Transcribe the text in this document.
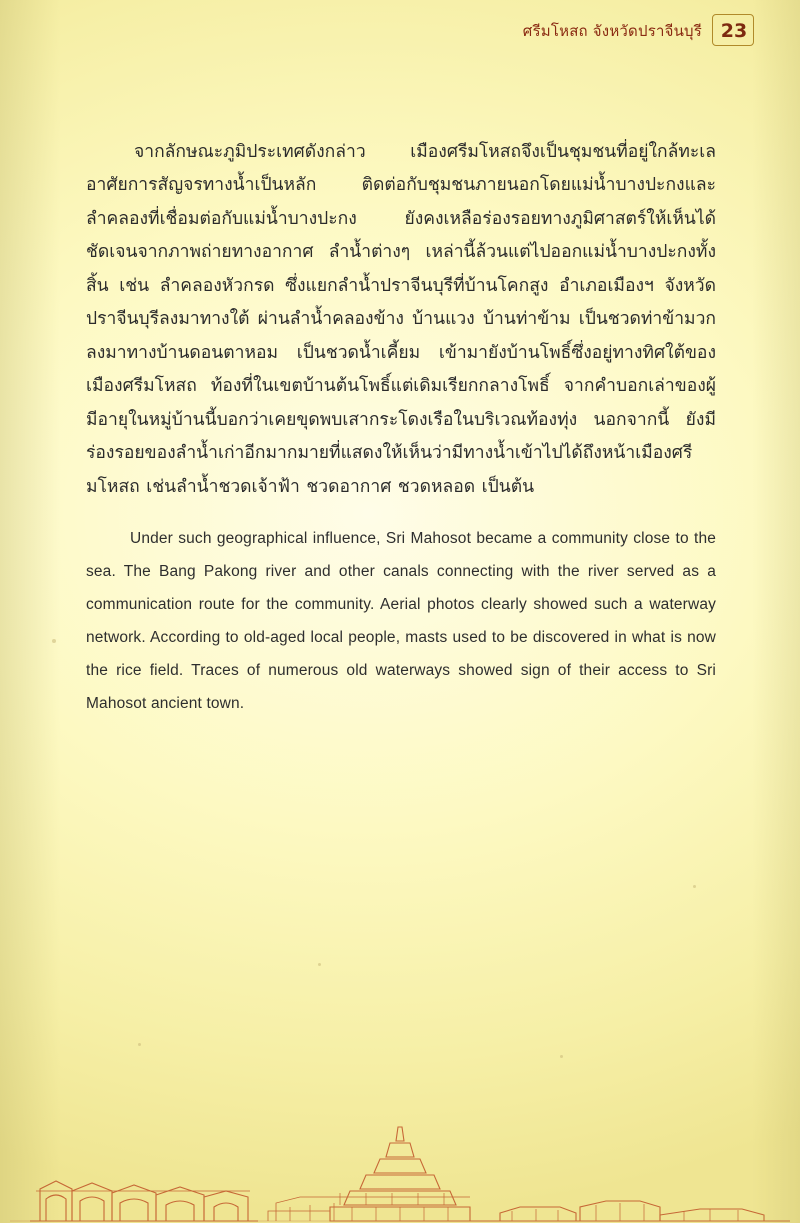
ศรีมโหสถ จังหวัดปราจีนบุรี 23

จากลักษณะภูมิประเทศดังกล่าว เมืองศรีมโหสถจึงเป็นชุมชนที่อยู่ใกล้ทะเล อาศัยการสัญจรทางน้ำเป็นหลัก ติดต่อกับชุมชนภายนอกโดยแม่น้ำบางปะกงและลำคลองที่เชื่อมต่อกับแม่น้ำบางปะกง ยังคงเหลือร่องรอยทางภูมิศาสตร์ให้เห็นได้ชัดเจนจากภาพถ่ายทางอากาศ ลำน้ำต่างๆ เหล่านี้ล้วนแต่ไปออกแม่น้ำบางปะกงทั้งสิ้น เช่น ลำคลองหัวกรด ซึ่งแยกลำน้ำปราจีนบุรีที่บ้านโคกสูง อำเภอเมืองฯ จังหวัดปราจีนบุรีลงมาทางใต้ ผ่านลำน้ำคลองข้าง บ้านแวง บ้านท่าข้าม เป็นชวดท่าข้ามวกลงมาทางบ้านดอนตาหอม เป็นชวดน้ำเคี้ยม เข้ามายังบ้านโพธิ์ซึ่งอยู่ทางทิศใต้ของเมืองศรีมโหสถ ท้องที่ในเขตบ้านต้นโพธิ์แต่เดิมเรียกกลางโพธิ์ จากคำบอกเล่าของผู้มีอายุในหมู่บ้านนี้บอกว่าเคยขุดพบเสากระโดงเรือในบริเวณท้องทุ่ง นอกจากนี้ ยังมีร่องรอยของลำน้ำเก่าอีกมากมายที่แสดงให้เห็นว่ามีทางน้ำเข้าไปได้ถึงหน้าเมืองศรีมโหสถ เช่นลำน้ำชวดเจ้าฟ้า ชวดอากาศ ชวดหลอด เป็นต้น

Under such geographical influence, Sri Mahosot became a community close to the sea. The Bang Pakong river and other canals connecting with the river served as a communication route for the community. Aerial photos clearly showed such a waterway network. According to old-aged local people, masts used to be discovered in what is now the rice field. Traces of numerous old waterways showed sign of their access to Sri Mahosot ancient town.
